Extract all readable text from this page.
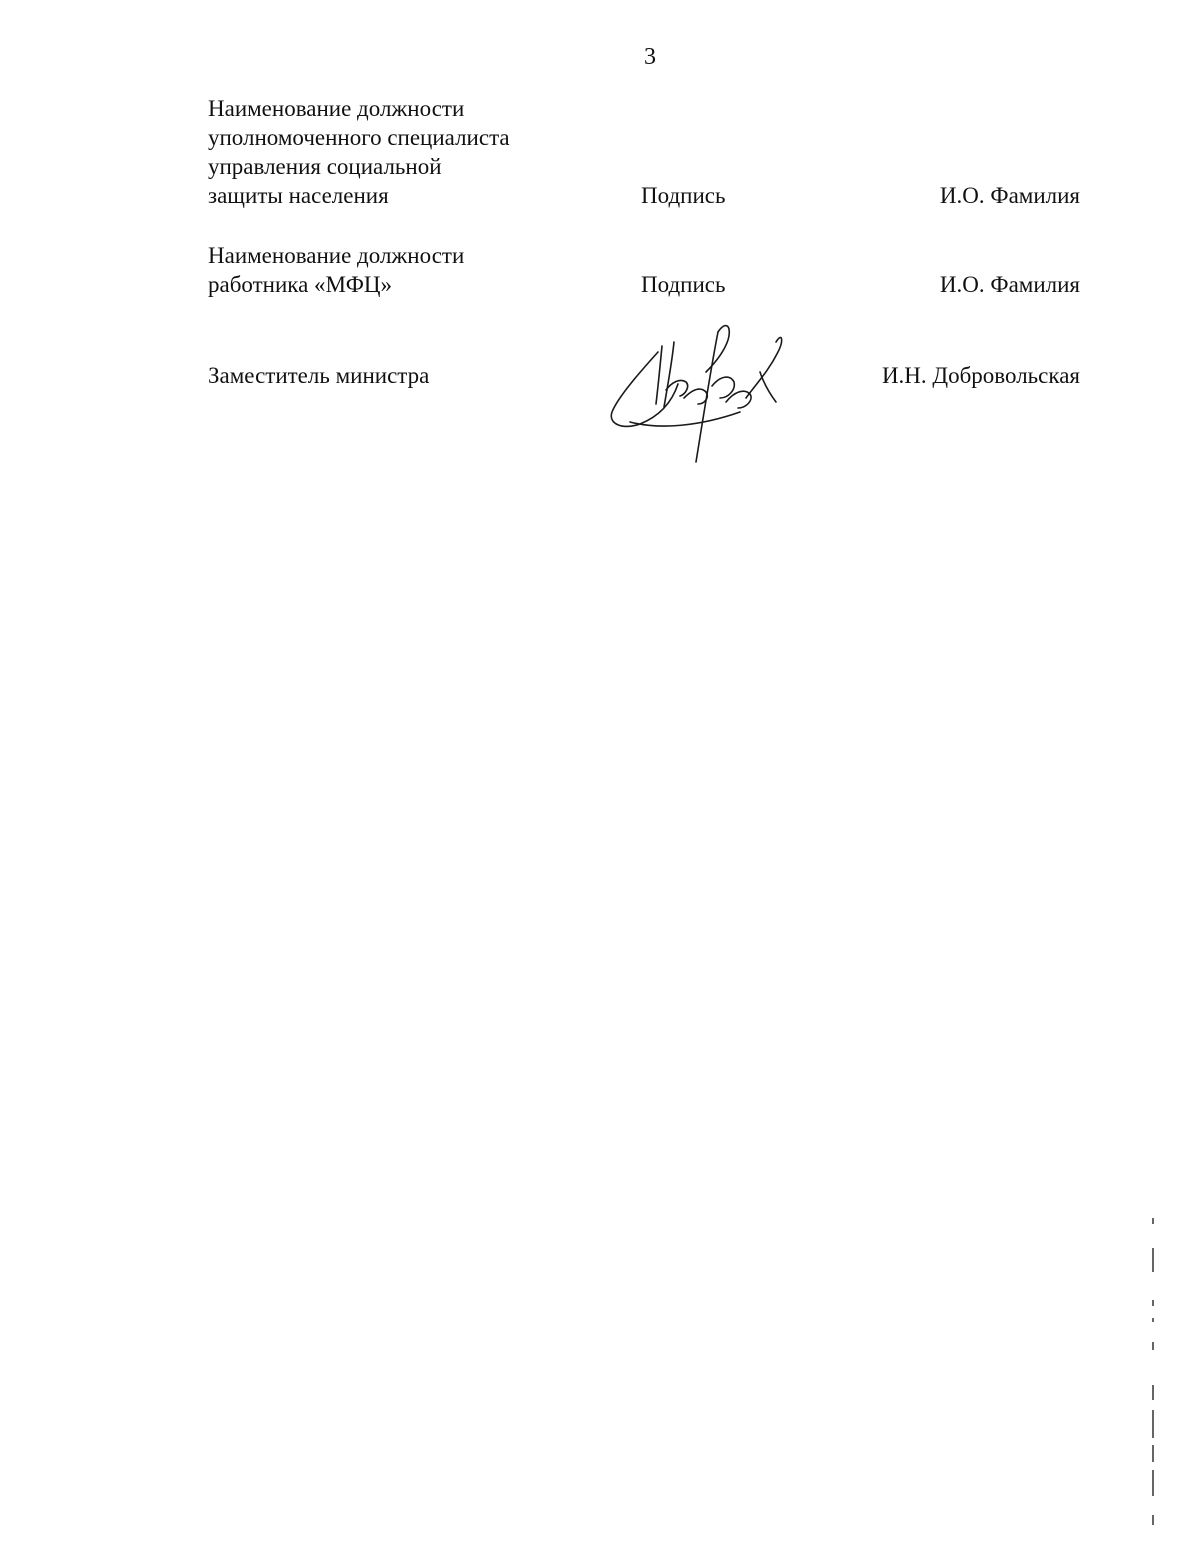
3
Наименование должности
уполномоченного специалиста
управления социальной
защиты населения	Подпись	И.О. Фамилия
Наименование должности
работника «МФЦ»	Подпись	И.О. Фамилия
Заместитель министра	И.Н. Добровольская
